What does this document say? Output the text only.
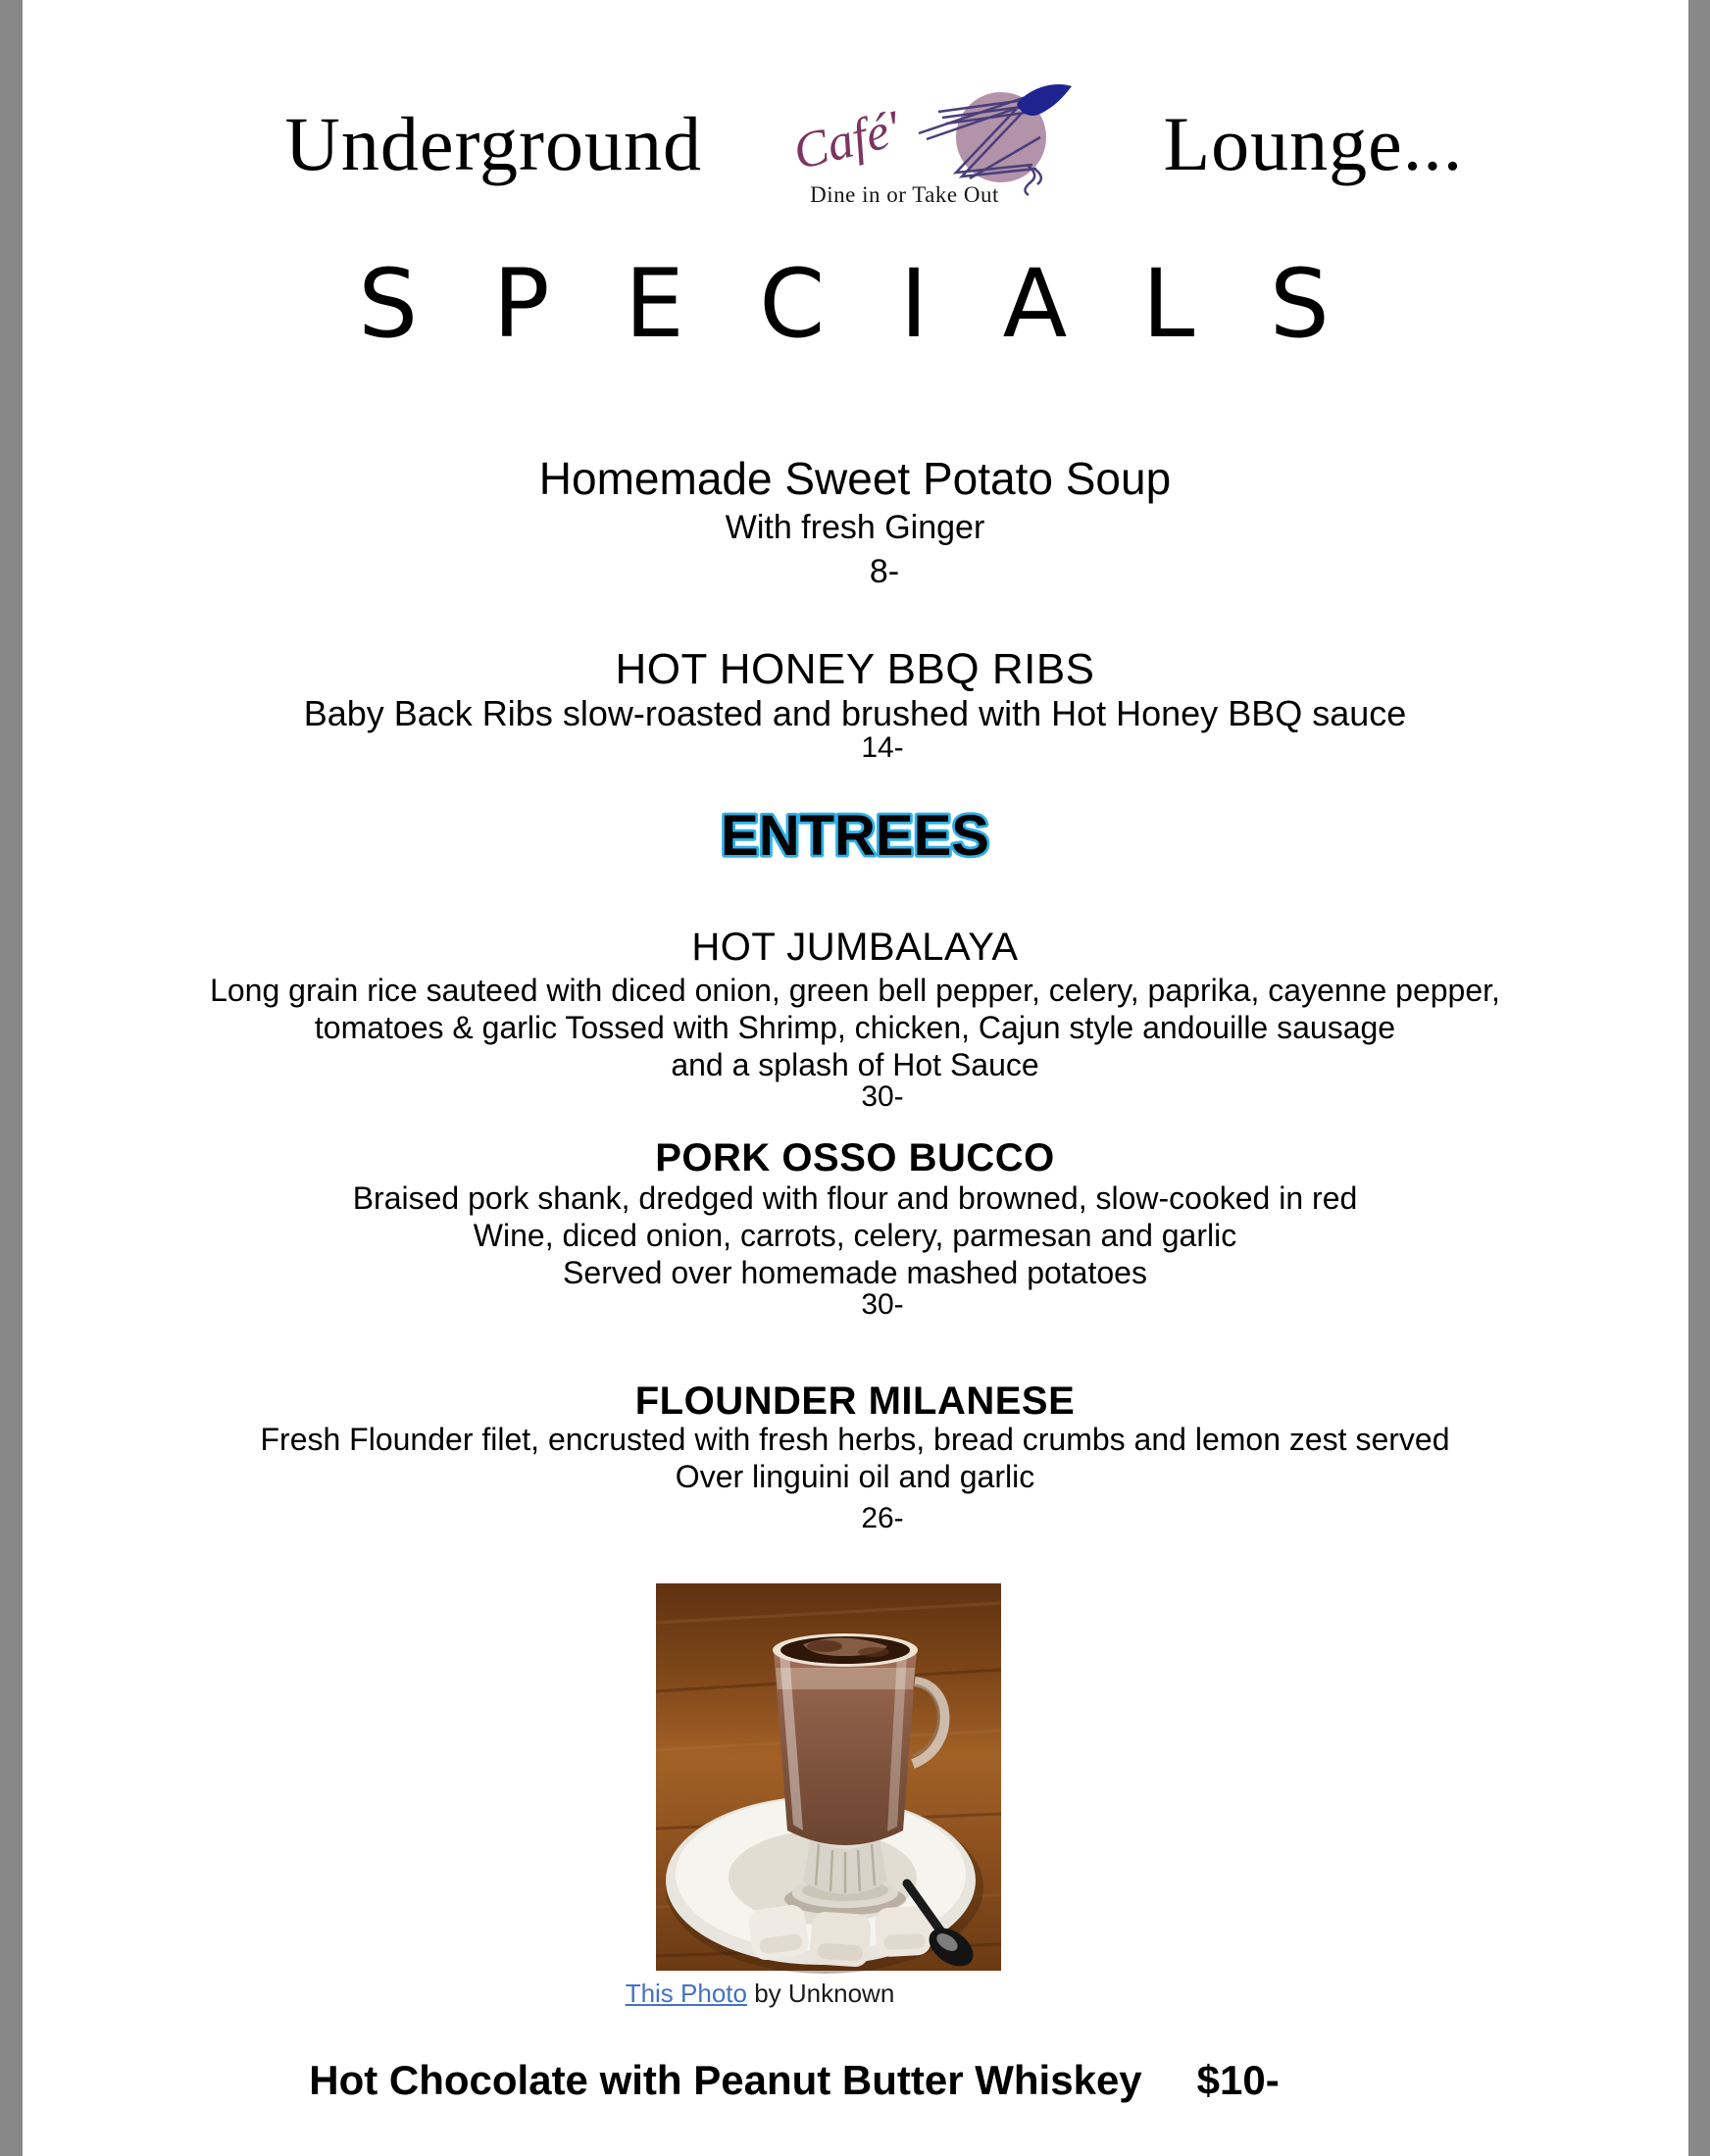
Underground Café'
Dine in or Take Out
Lounge...
S P E C I A L S
Homemade Sweet Potato Soup
With fresh Ginger
8-
HOT HONEY BBQ RIBS
Baby Back Ribs slow-roasted and brushed with Hot Honey BBQ sauce
14-
ENTREES
HOT JUMBALAYA
Long grain rice sauteed with diced onion, green bell pepper, celery, paprika, cayenne pepper,
tomatoes & garlic Tossed with Shrimp, chicken, Cajun style andouille sausage
and a splash of Hot Sauce
30-
PORK OSSO BUCCO
Braised pork shank, dredged with flour and browned, slow-cooked in red
Wine, diced onion, carrots, celery, parmesan and garlic
Served over homemade mashed potatoes
30-
FLOUNDER MILANESE
Fresh Flounder filet, encrusted with fresh herbs, bread crumbs and lemon zest served
Over linguini oil and garlic
26-
This Photo by Unknown
Hot Chocolate with Peanut Butter Whiskey $10-
